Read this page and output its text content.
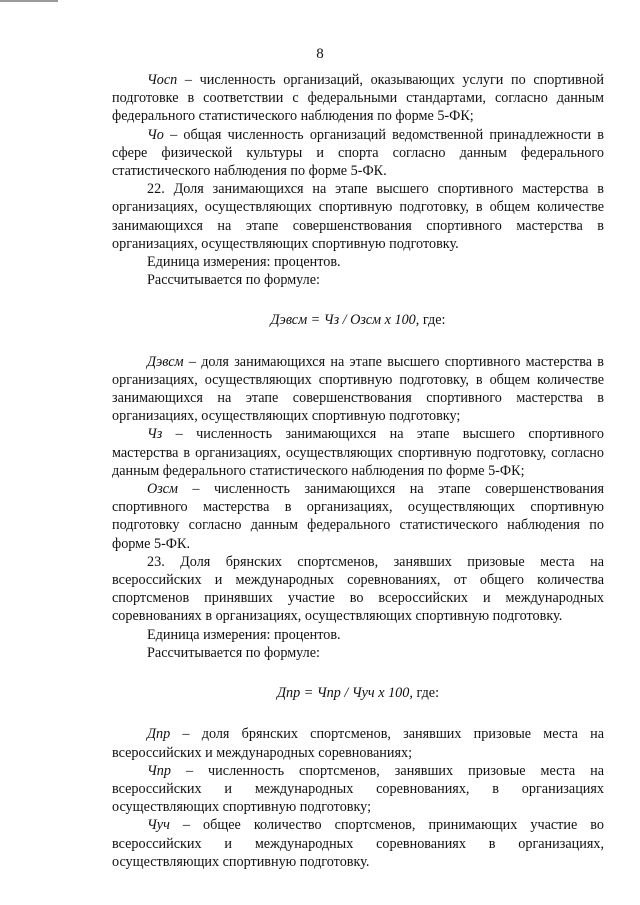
8

Чосп – численность организаций, оказывающих услуги по спортивной подготовке в соответствии с федеральными стандартами, согласно данным федерального статистического наблюдения по форме 5-ФК;

Чо – общая численность организаций ведомственной принадлежности в сфере физической культуры и спорта согласно данным федерального статистического наблюдения по форме 5-ФК.

22. Доля занимающихся на этапе высшего спортивного мастерства в организациях, осуществляющих спортивную подготовку, в общем количестве занимающихся на этапе совершенствования спортивного мастерства в организациях, осуществляющих спортивную подготовку.

Единица измерения: процентов.

Рассчитывается по формуле:

Дэвсм = Чз / Озсм х 100, где:

Дэвсм – доля занимающихся на этапе высшего спортивного мастерства в организациях, осуществляющих спортивную подготовку, в общем количестве занимающихся на этапе совершенствования спортивного мастерства в организациях, осуществляющих спортивную подготовку;

Чз – численность занимающихся на этапе высшего спортивного мастерства в организациях, осуществляющих спортивную подготовку, согласно данным федерального статистического наблюдения по форме 5-ФК;

Озсм – численность занимающихся на этапе совершенствования спортивного мастерства в организациях, осуществляющих спортивную подготовку согласно данным федерального статистического наблюдения по форме 5-ФК.

23. Доля брянских спортсменов, занявших призовые места на всероссийских и международных соревнованиях, от общего количества спортсменов принявших участие во всероссийских и международных соревнованиях в организациях, осуществляющих спортивную подготовку.

Единица измерения: процентов.

Рассчитывается по формуле:

Дпр = Чпр / Чуч х 100, где:

Дпр – доля брянских спортсменов, занявших призовые места на всероссийских и международных соревнованиях;

Чпр – численность спортсменов, занявших призовые места на всероссийских и международных соревнованиях, в организациях осуществляющих спортивную подготовку;

Чуч – общее количество спортсменов, принимающих участие во всероссийских и международных соревнованиях в организациях, осуществляющих спортивную подготовку.
